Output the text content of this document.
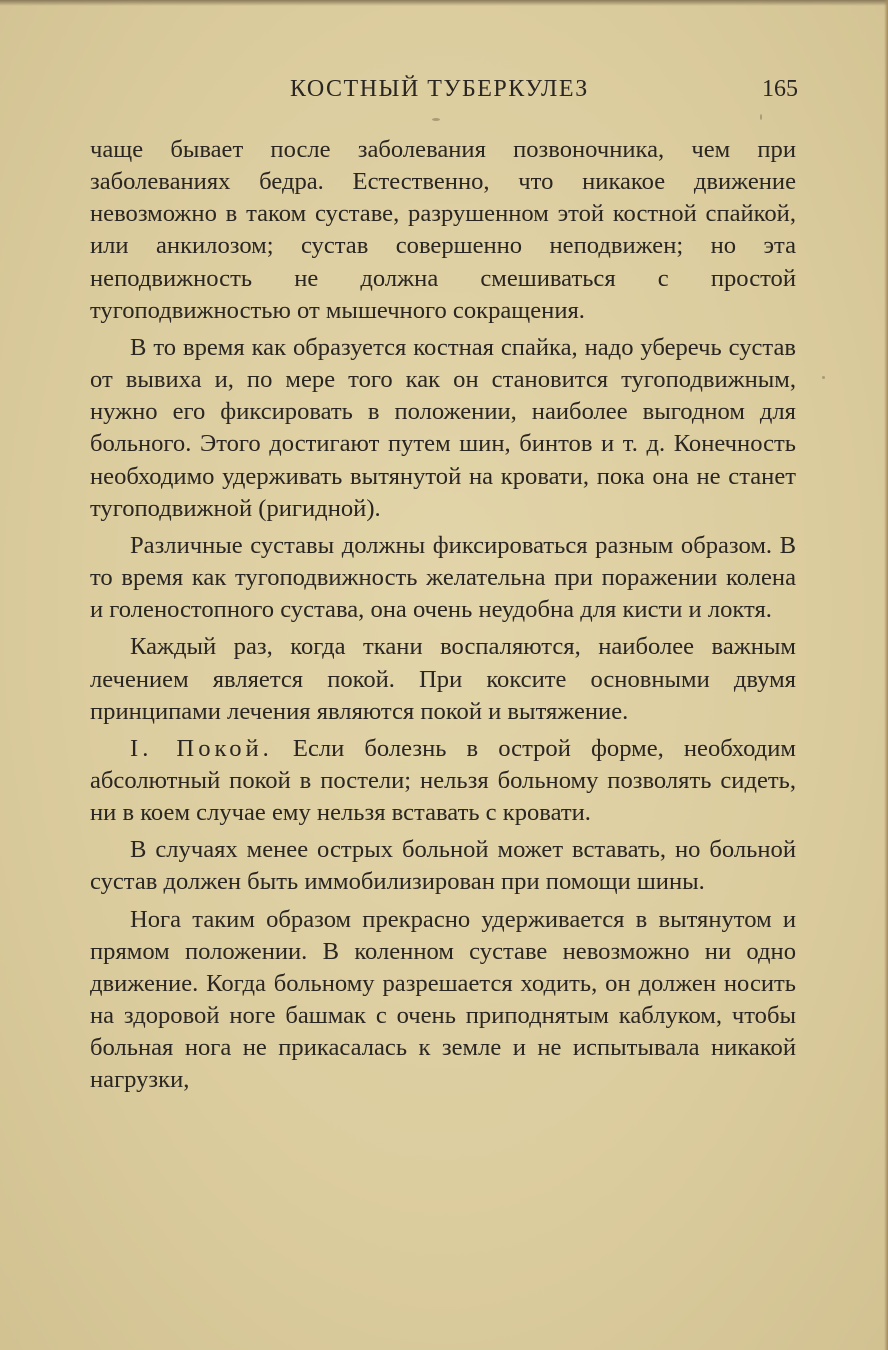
КОСТНЫЙ ТУБЕРКУЛЕЗ	165

чаще бывает после заболевания позвоночника, чем при заболеваниях бедра. Естественно, что никакое движение невозможно в таком суставе, разрушенном этой костной спайкой, или анкилозом; сустав совершенно неподвижен; но эта неподвижность не должна смешиваться с простой тугоподвижностью от мышечного сокращения.

В то время как образуется костная спайка, надо уберечь сустав от вывиха и, по мере того как он становится тугоподвижным, нужно его фиксировать в положении, наиболее выгодном для больного. Этого достигают путем шин, бинтов и т. д. Конечность необходимо удерживать вытянутой на кровати, пока она не станет тугоподвижной (ригидной).

Различные суставы должны фиксироваться разным образом. В то время как тугоподвижность желательна при поражении колена и голеностопного сустава, она очень неудобна для кисти и локтя.

Каждый раз, когда ткани воспаляются, наиболее важным лечением является покой. При коксите основными двумя принципами лечения являются покой и вытяжение.

I. Покой. Если болезнь в острой форме, необходим абсолютный покой в постели; нельзя больному позволять сидеть, ни в коем случае ему нельзя вставать с кровати.

В случаях менее острых больной может вставать, но больной сустав должен быть иммобилизирован при помощи шины.

Нога таким образом прекрасно удерживается в вытянутом и прямом положении. В коленном суставе невозможно ни одно движение. Когда больному разрешается ходить, он должен носить на здоровой ноге башмак с очень приподнятым каблуком, чтобы больная нога не прикасалась к земле и не испытывала никакой нагрузки,
